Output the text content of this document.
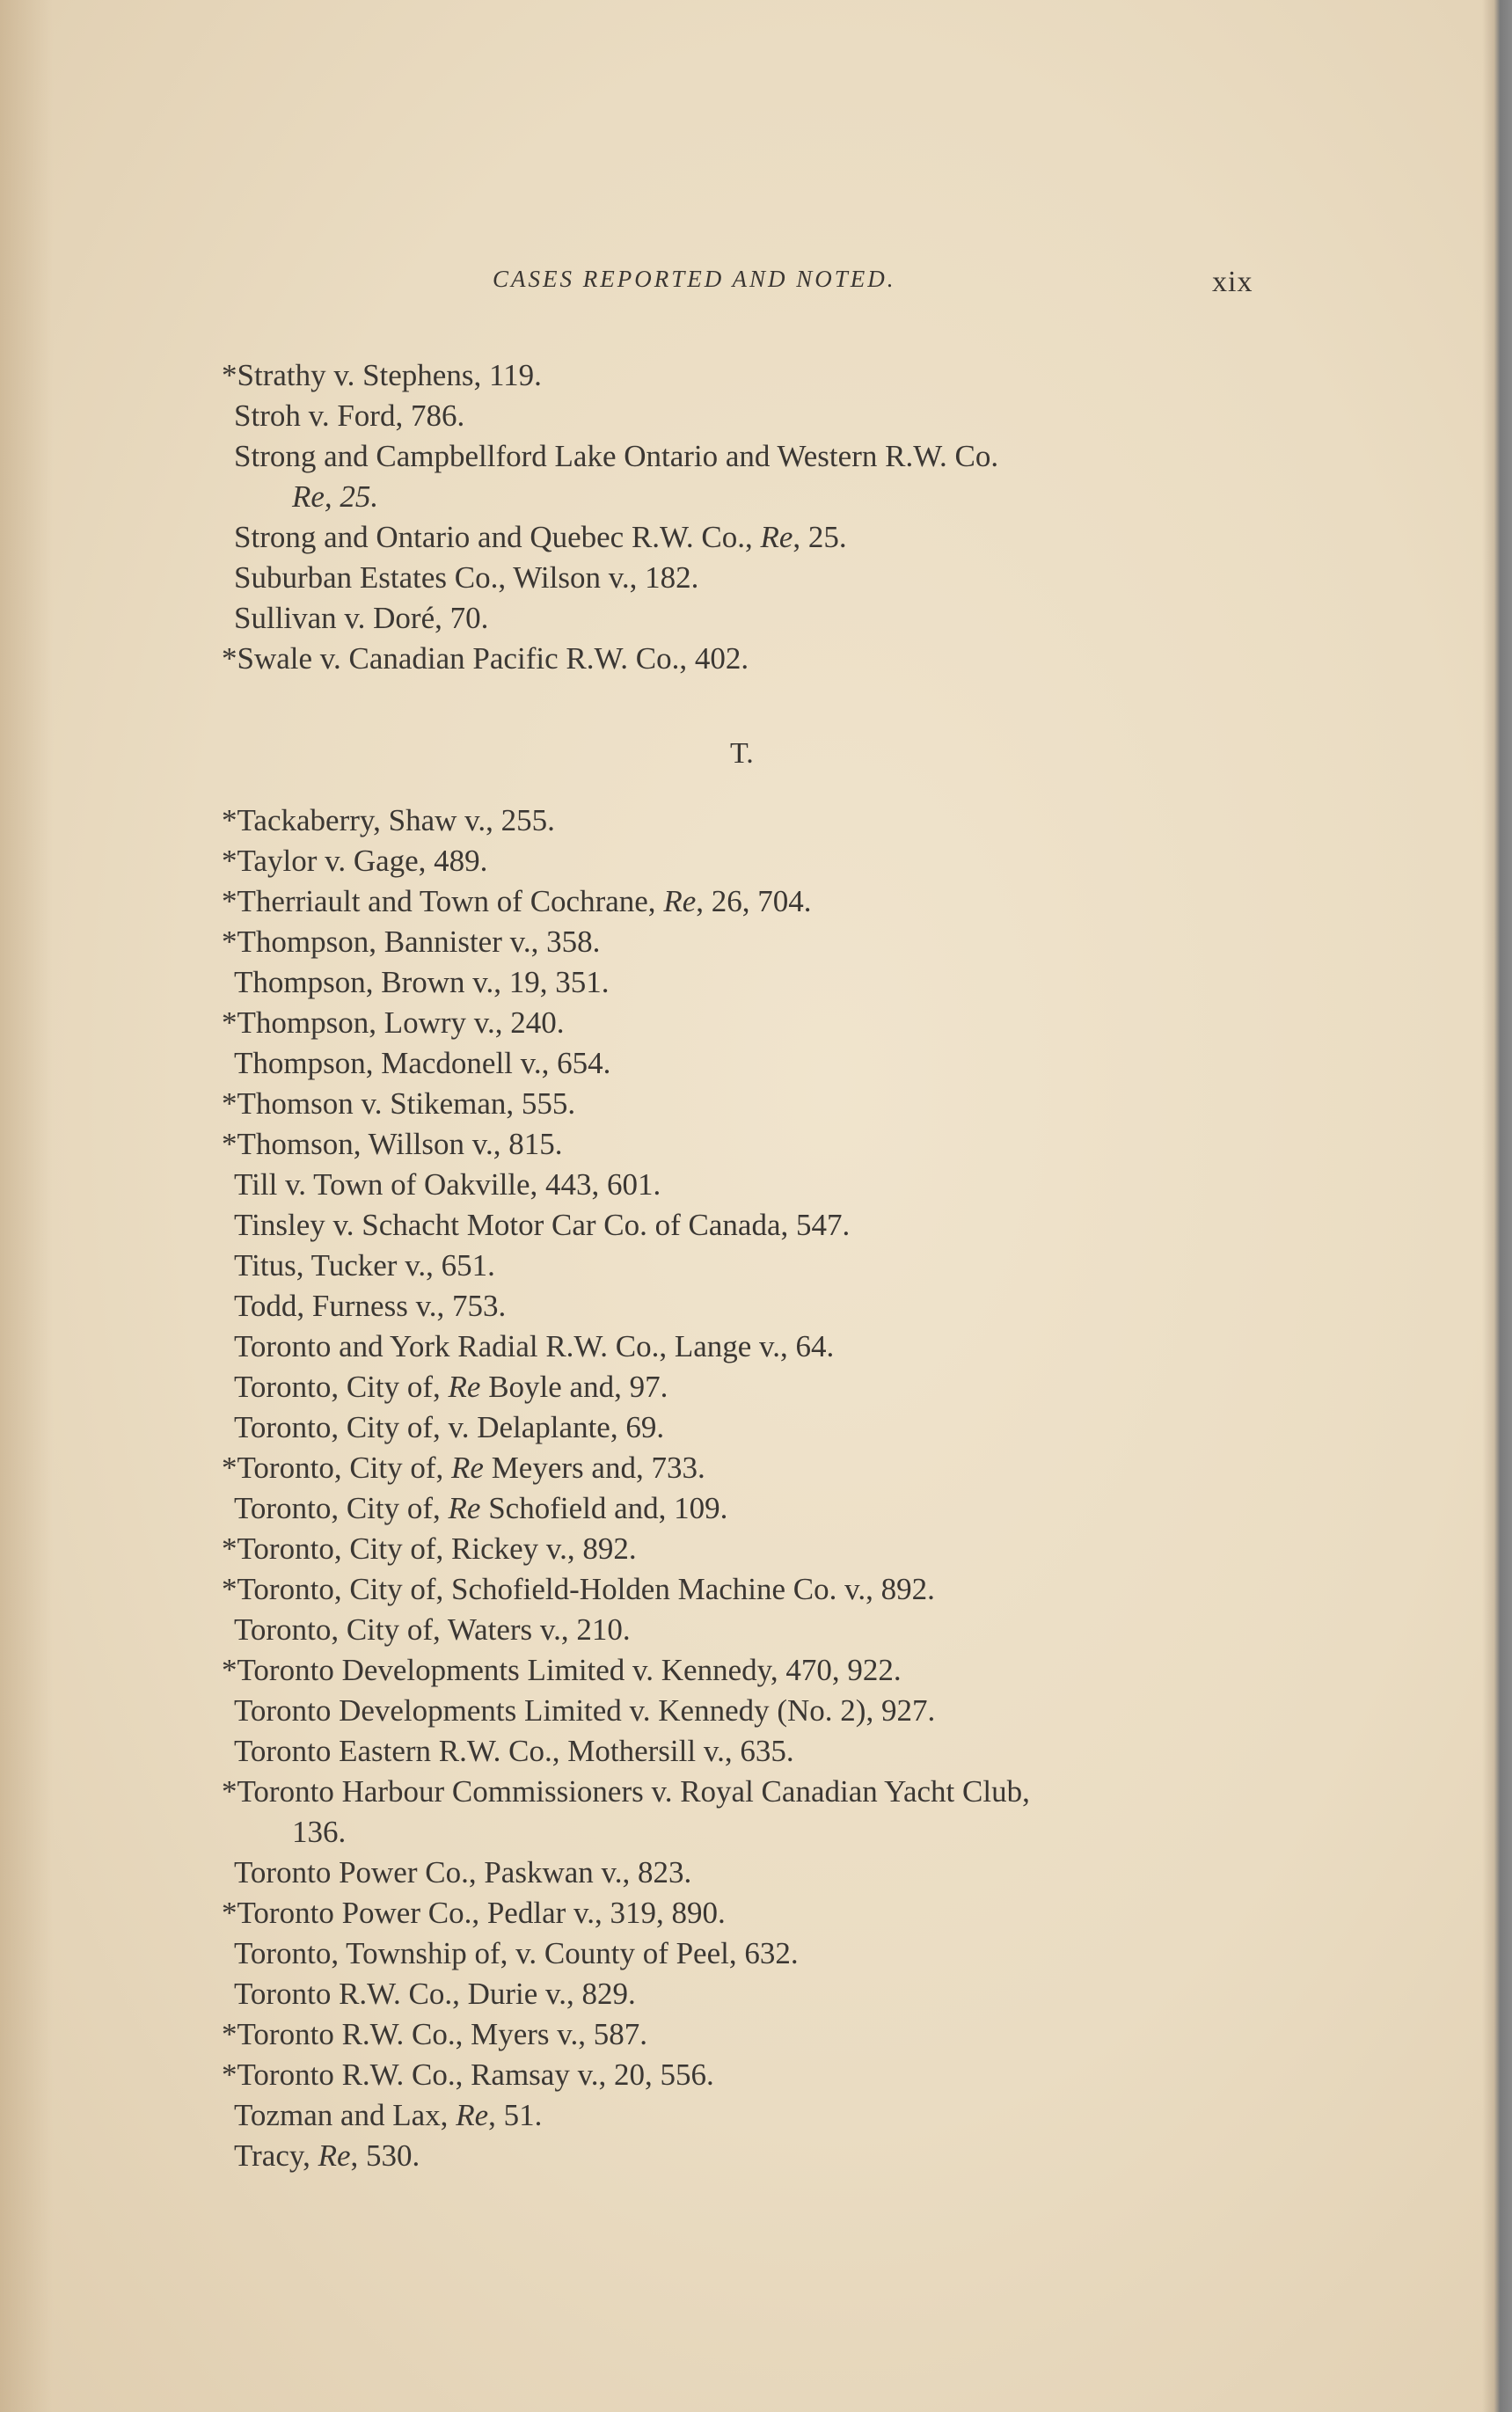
CASES REPORTED AND NOTED.	xix
*Strathy v. Stephens, 119.
Stroh v. Ford, 786.
Strong and Campbellford Lake Ontario and Western R.W. Co.
Re, 25.
Strong and Ontario and Quebec R.W. Co., Re, 25.
Suburban Estates Co., Wilson v., 182.
Sullivan v. Doré, 70.
*Swale v. Canadian Pacific R.W. Co., 402.
T.
*Tackaberry, Shaw v., 255.
*Taylor v. Gage, 489.
*Therriault and Town of Cochrane, Re, 26, 704.
*Thompson, Bannister v., 358.
Thompson, Brown v., 19, 351.
*Thompson, Lowry v., 240.
Thompson, Macdonell v., 654.
*Thomson v. Stikeman, 555.
*Thomson, Willson v., 815.
Till v. Town of Oakville, 443, 601.
Tinsley v. Schacht Motor Car Co. of Canada, 547.
Titus, Tucker v., 651.
Todd, Furness v., 753.
Toronto and York Radial R.W. Co., Lange v., 64.
Toronto, City of, Re Boyle and, 97.
Toronto, City of, v. Delaplante, 69.
*Toronto, City of, Re Meyers and, 733.
Toronto, City of, Re Schofield and, 109.
*Toronto, City of, Rickey v., 892.
*Toronto, City of, Schofield-Holden Machine Co. v., 892.
Toronto, City of, Waters v., 210.
*Toronto Developments Limited v. Kennedy, 470, 922.
Toronto Developments Limited v. Kennedy (No. 2), 927.
Toronto Eastern R.W. Co., Mothersill v., 635.
*Toronto Harbour Commissioners v. Royal Canadian Yacht Club,
136.
Toronto Power Co., Paskwan v., 823.
*Toronto Power Co., Pedlar v., 319, 890.
Toronto, Township of, v. County of Peel, 632.
Toronto R.W. Co., Durie v., 829.
*Toronto R.W. Co., Myers v., 587.
*Toronto R.W. Co., Ramsay v., 20, 556.
Tozman and Lax, Re, 51.
Tracy, Re, 530.
